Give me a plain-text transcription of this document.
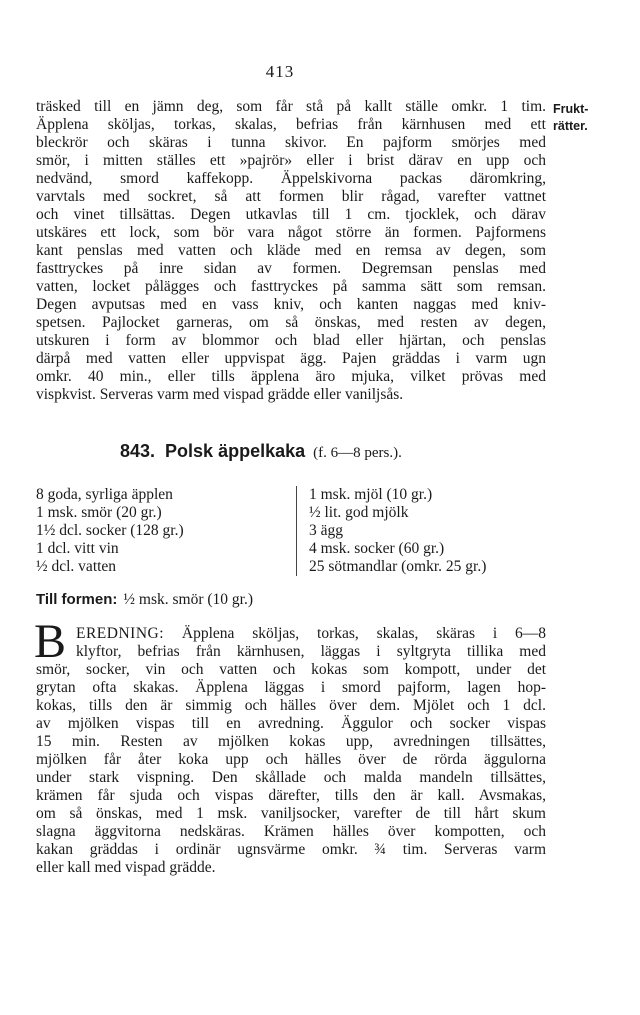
413
Frukt-
rätter.
träsked till en jämn deg, som får stå på kallt ställe omkr. 1 tim.
Äpplena sköljas, torkas, skalas, befrias från kärnhusen med ett
bleckrör och skäras i tunna skivor. En pajform smörjes med
smör, i mitten ställes ett »pajrör» eller i brist därav en upp och
nedvänd, smord kaffekopp. Äppelskivorna packas däromkring,
varvtals med sockret, så att formen blir rågad, varefter vattnet
och vinet tillsättas. Degen utkavlas till 1 cm. tjocklek, och därav
utskäres ett lock, som bör vara något större än formen. Pajformens
kant penslas med vatten och kläde med en remsa av degen, som
fasttryckes på inre sidan av formen. Degremsan penslas med
vatten, locket pålägges och fasttryckes på samma sätt som remsan.
Degen avputsas med en vass kniv, och kanten naggas med kniv-
spetsen. Pajlocket garneras, om så önskas, med resten av degen,
utskuren i form av blommor och blad eller hjärtan, och penslas
därpå med vatten eller uppvispat ägg. Pajen gräddas i varm ugn
omkr. 40 min., eller tills äpplena äro mjuka, vilket prövas med
vispkvist. Serveras varm med vispad grädde eller vaniljsås.
843. Polsk äppelkaka (f. 6—8 pers.).
8 goda, syrliga äpplen
1 msk. smör (20 gr.)
1½ dcl. socker (128 gr.)
1 dcl. vitt vin
½ dcl. vatten
1 msk. mjöl (10 gr.)
½ lit. god mjölk
3 ägg
4 msk. socker (60 gr.)
25 sötmandlar (omkr. 25 gr.)
Till formen: ½ msk. smör (10 gr.)
B EREDNING: Äpplena sköljas, torkas, skalas, skäras i 6—8
klyftor, befrias från kärnhusen, läggas i syltgryta tillika med
smör, socker, vin och vatten och kokas som kompott, under det
grytan ofta skakas. Äpplena läggas i smord pajform, lagen hop-
kokas, tills den är simmig och hälles över dem. Mjölet och 1 dcl.
av mjölken vispas till en avredning. Äggulor och socker vispas
15 min. Resten av mjölken kokas upp, avredningen tillsättes,
mjölken får åter koka upp och hälles över de rörda äggulorna
under stark vispning. Den skållade och malda mandeln tillsättes,
krämen får sjuda och vispas därefter, tills den är kall. Avsmakas,
om så önskas, med 1 msk. vaniljsocker, varefter de till hårt skum
slagna äggvitorna nedskäras. Krämen hälles över kompotten, och
kakan gräddas i ordinär ugnsvärme omkr. ¾ tim. Serveras varm
eller kall med vispad grädde.
